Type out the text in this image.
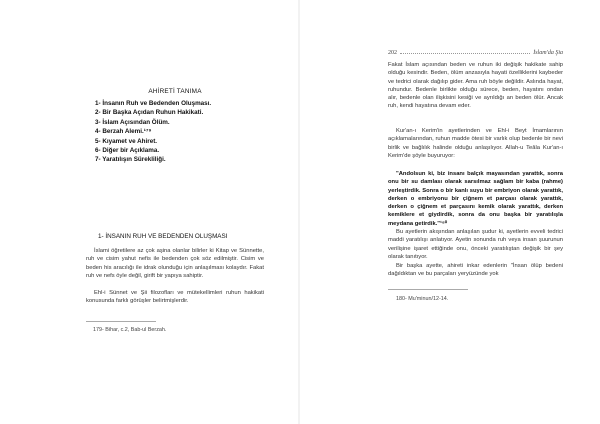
AHİRETİ TANIMA
1- İnsanın Ruh ve Bedenden Oluşması.
2- Bir Başka Açıdan Ruhun Hakikati.
3- İslam Açısından Ölüm.
4- Berzah Alemi.¹⁷⁹
5- Kıyamet ve Ahiret.
6- Diğer bir Açıklama.
7- Yaratılışın Sürekliliği.
1- İNSANIN RUH VE BEDENDEN OLUŞMASI

İslami öğretilere az çok aşina olanlar bilirler ki Kitap ve Sünnette, ruh ve cisim yahut nefis ile bedenden çok söz edilmiştir. Cisim ve beden his aracılığı ile idrak olunduğu için anlaşılması kolaydır. Fakat ruh ve nefs öyle değil, girift bir yapıya sahiptir.

Ehl-i Sünnet ve Şii filozofları ve mütekellimleri ruhun hakikati konusunda farklı görüşler belirtmişlerdir.

179- Bihar, c.2, Bab-ul Berzah.
202	İslam'da Şia

Fakat İslam açısından beden ve ruhun iki değişik hakikate sahip olduğu kesindir. Beden, ölüm anzasıyla hayati özelliklerini kaybeder ve tedrici olarak dağılıp gider. Ama ruh böyle değildir. Aslında hayat, ruhundur. Bedenle birlikte olduğu sürece, beden, hayatını ondan alır, bedenle olan ilişkisini kesiği ve ayrıldığı an beden ölür. Ancak ruh, kendi hayatına devam eder.

Kur'an-ı Kerim'in ayetlerinden ve Ehl-i Beyt İmamlarının açıklamalarından, ruhun madde ötesi bir varlık olup bedenle bir nevi birlik ve bağlılık halinde olduğu anlaşılıyor. Allah-u Teâla Kur'an-ı Kerim'de şöyle buyuruyor:

"Andolsun ki, biz insanı balçık mayasından yarattık, sonra onu bir su damlası olarak sarsılmaz sağlam bir kaba (rahme) yerleştirdik. Sonra o bir kanlı suyu bir embriyon olarak yarattık, derken o embriyonu bir çiğnem et parçası olarak yarattık, derken o çiğnem et parçasını kemik olarak yarattık, derken kemiklere et giydirdik, sonra da onu başka bir yaratılışla meydana getirdik."¹⁸⁰

Bu ayetlerin akışından anlaşılan şudur ki, ayetlerin evveli tedrici maddi yaratılışı anlatıyor. Ayetin sonunda ruh veya insan şuurunun verilişine işaret ettiğinde onu, önceki yaratılıştan değişik bir şey olarak tanıtıyor.

Bir başka ayette, ahireti inkar edenlerin "İnsan ölüp bedeni dağıldıktan ve bu parçaları yeryüzünde yok

180- Mu'minun/12-14.
